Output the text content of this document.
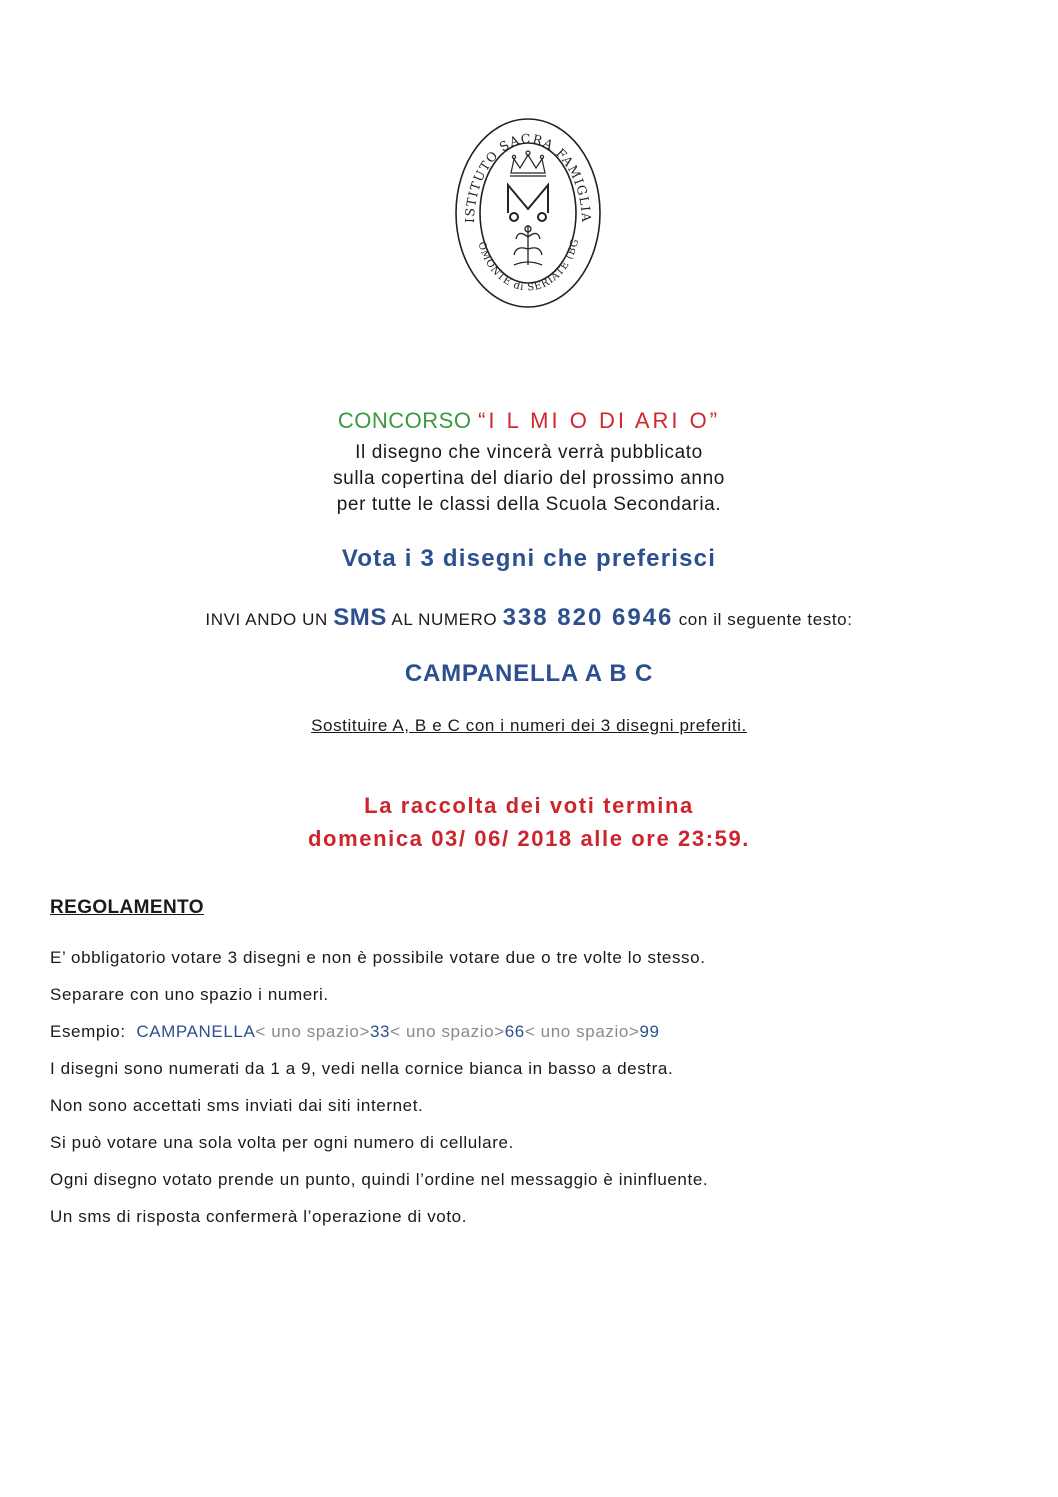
ISTITUTO SACRA FAMIGLIA
OMONTE di SERIATE (BG
CONCORSO “I L MI O DI ARI O”
Il disegno che vincerà verrà pubblicato
sulla copertina del diario del prossimo anno
per tutte le classi della Scuola Secondaria.
Vota i 3 disegni che preferisci
INVI ANDO UN SMS AL NUMERO 338 820 6946 con il seguente testo:
CAMPANELLA A B C
Sostituire A, B e C con i numeri dei 3 disegni preferiti.
La raccolta dei voti termina
domenica 03/ 06/ 2018 alle ore 23:59.
REGOLAMENTO
E’ obbligatorio votare 3 disegni e non è possibile votare due o tre volte lo stesso.
Separare con uno spazio i numeri.
Esempio: CAMPANELLA< uno spazio>33< uno spazio>66< uno spazio>99
I disegni sono numerati da 1 a 9, vedi nella cornice bianca in basso a destra.
Non sono accettati sms inviati dai siti internet.
Si può votare una sola volta per ogni numero di cellulare.
Ogni disegno votato prende un punto, quindi l’ordine nel messaggio è ininfluente.
Un sms di risposta confermerà l’operazione di voto.
